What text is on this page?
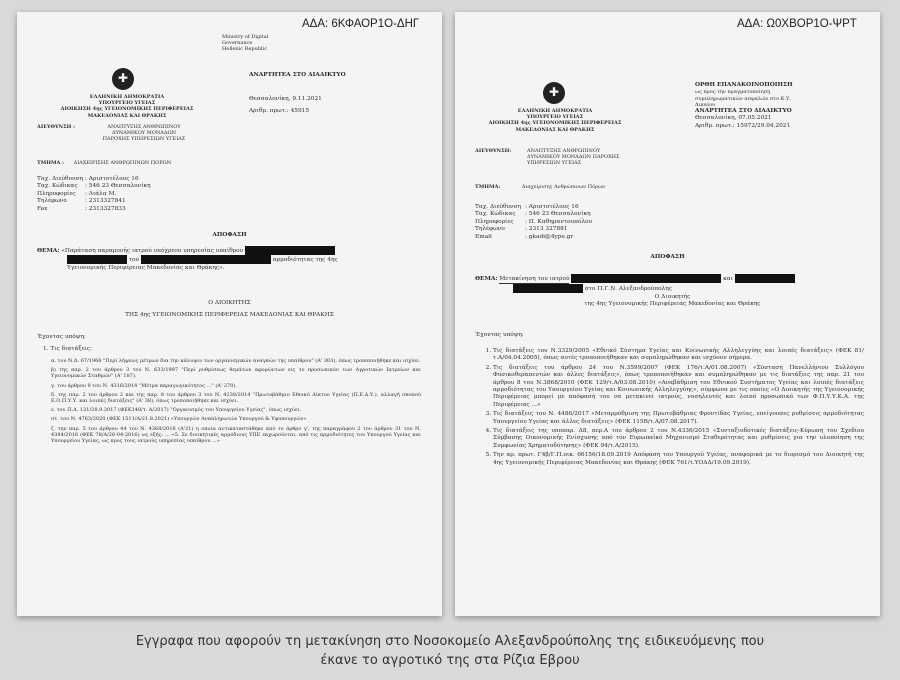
ΑΔΑ: 6ΚΦΑΟΡ1Ο-ΔΗΓ
Ministry of Digital
Governance
Hellenic Republic
ΑΝΑΡΤΗΤΕΑ ΣΤΟ ΔΙΑΔΙΚΤΥΟ
Θεσσαλονίκη, 9.11.2021
Αριθμ. πρωτ.: 45915
✚
ΕΛΛΗΝΙΚΗ ΔΗΜΟΚΡΑΤΙΑ
ΥΠΟΥΡΓΕΙΟ ΥΓΕΙΑΣ
ΔΙΟΙΚΗΣΗ 4ης ΥΓΕΙΟΝΟΜΙΚΗΣ ΠΕΡΙΦΕΡΕΙΑΣ
ΜΑΚΕΔΟΝΙΑΣ ΚΑΙ ΘΡΑΚΗΣ
ΔΙΕΥΘΥΝΣΗ :	ΑΝΑΠΤΥΞΗΣ ΑΝΘΡΩΠΙΝΟΥ
ΔΥΝΑΜΙΚΟΥ ΜΟΝΑΔΩΝ
ΠΑΡΟΧΗΣ ΥΠΗΡΕΣΙΩΝ ΥΓΕΙΑΣ
ΤΜΗΜΑ : ΔΙΑΧΕΙΡΙΣΗΣ ΑΝΘΡΩΠΙΝΩΝ ΠΟΡΩΝ
Ταχ. Διεύθυνση : Αριστοτέλους 16
Ταχ. Κώδικας : 546 23 Θεσσαλονίκη
Πληροφορίες : Λιάλα Μ.
Τηλέφωνο	: 2313327841
Fax	: 2313327833
ΑΠΟΦΑΣΗ
ΘΕΜΑ: «Παράταση παραμονής ιατρού υπόχρεου υπηρεσίας υπαίθρου
του	αρμοδιότητας της 4ης
Υγειονομικής Περιφέρειας Μακεδονίας και Θράκης».
Ο ΔΙΟΙΚΗΤΗΣ
ΤΗΣ 4ης ΥΓΕΙΟΝΟΜΙΚΗΣ ΠΕΡΙΦΕΡΕΙΑΣ ΜΑΚΕΔΟΝΙΑΣ ΚΑΙ ΘΡΑΚΗΣ
Έχοντας υπόψη:
1. Τις διατάξεις:

α. του Ν.Δ. 67/1968 "Περί λήψεως μέτρων δια την κάλυψιν των οργανισμικών αναγκών της υπαίθρου" (Α' 303), όπως τροποποιήθηκε και ισχύει.

β) της παρ. 2 του άρθρου 3 του Ν. 633/1997 "Περί ρυθμίσεως θεμάτων αφορώντων εις το προσωπικόν των Αγροτικών Ιατρείων και Υγειονομικών Σταθμών" (Α' 187).

γ. του άρθρου 9 του Ν. 4316/2014 "Μέτρα παραγωγικότητος ..." (Α' 270).

δ. της παρ. 2 του άρθρου 2 και της παρ. 8 του άρθρου 3 του Ν. 4238/2014 "Πρωτοβάθμιο Εθνικό Δίκτυο Υγείας (Π.Ε.Δ.Υ.), αλλαγή σκοπού Ε.Ο.Π.Υ.Υ. και λοιπές διατάξεις" (Α' 38), όπως τροποποιήθηκε και ισχύει.

ε. του Π.Δ. 121/28.9.2017 (ΦΕΚ148/τ. Α/2017) "Οργανισμός του Υπουργείου Υγείας", όπως ισχύει.

στ. του Ν. 4763/2020 (ΦΕΚ 1511/Α/21.8.2021) «Υπουργών Αναπληρωτών Υπουργού & Υφυπουργών»

ζ. την παρ. 5 του άρθρου 44 του Ν. 4368/2016 (Α'21) η οποία αντικαταστάθηκε από το άρθρο γ', της παραγράφου 2 του άρθρου 31 του Ν. 4384/2016 (ΦΕΚ 78/Α/26-04-2016) ως εξής: ... «5. Σε διοικητικές αρμόδιους ΥΠΕ εκχωρούνται, από τις αρμοδιότητες του Υπουργού Υγείας και Υπουργείου Υγείας, ως προς τους ιατρούς υπηρεσίας υπαίθρου ...»

ΑΔΑ: Ω0ΧΒΟΡ1Ο-ΨΡΤ
ΟΡΘΗ ΕΠΑΝΑΚΟΙΝΟΠΟΙΗΣΗ
ως προς την πραγματοποίηση
συμπληρωματικών ασφαλών στο Κ.Υ.
Δικαίου
ΑΝΑΡΤΗΤΕΑ ΣΤΟ ΔΙΑΔΙΚΤΥΟ
Θεσσαλονίκη, 07.05.2021
Αριθμ. πρωτ.: 15972/29.04.2021
✚
ΕΛΛΗΝΙΚΗ ΔΗΜΟΚΡΑΤΙΑ
ΥΠΟΥΡΓΕΙΟ ΥΓΕΙΑΣ
ΔΙΟΙΚΗΣΗ 4ης ΥΓΕΙΟΝΟΜΙΚΗΣ ΠΕΡΙΦΕΡΕΙΑΣ
ΜΑΚΕΔΟΝΙΑΣ ΚΑΙ ΘΡΑΚΗΣ
ΔΙΕΥΘΥΝΣΗ:	ΑΝΑΠΤΥΞΗΣ ΑΝΘΡΩΠΙΝΟΥ
ΔΥΝΑΜΙΚΟΥ ΜΟΝΑΔΩΝ ΠΑΡΟΧΗΣ
ΥΠΗΡΕΣΙΩΝ ΥΓΕΙΑΣ
ΤΜΗΜΑ:	Διαχείρισης Ανθρώπινων Πόρων
Ταχ. Διεύθυνση : Αριστοτέλους 16
Ταχ. Κώδικας : 546 23 Θεσσαλονίκη
Πληροφορίες : Π. Καθημαντουπόλου
Τηλέφωνο	: 2313 327881
Email	: gkadi@4ype.gr
ΑΠΟΦΑΣΗ
ΘΕΜΑ: Μετακίνηση του ιατρού	και
στο Π.Γ.Ν. Αλεξανδρούπολης
Ο Διοικητής
της 4ης Υγειονομικής Περιφέρειας Μακεδονίας και Θράκης
Έχοντας υπόψη:
1. Τις διατάξεις του Ν.3329/2005 «Εθνικό Σύστημα Υγείας και Κοινωνικής Αλληλεγγύης και λοιπές διατάξεις» (ΦΕΚ 81/τ.Α/04.04.2005), όπως αυτές τροποποιήθηκαν και συμπληρώθηκαν και ισχύουν σήμερα.
2. Τις διατάξεις του άρθρου 24 του Ν.3599/2007 (ΦΕΚ 176/τ.Α/01.08.2007) «Σύσταση Πανελλήνιου Συλλόγου Φυσικοθεραπευτών και άλλες διατάξεις», όπως τροποποιήθηκαν και συμπληρώθηκαν με τις διατάξεις της παρ. 21 του άρθρου 8 του Ν.3868/2010 (ΦΕΚ 129/τ.Α/03.08.2010) «Αναβάθμιση του Εθνικού Συστήματος Υγείας και λοιπές διατάξεις αρμοδιότητας του Υπουργείου Υγείας και Κοινωνικής Αλληλεγγύης», σύμφωνα με τις οποίες «Ο Διοικητής της Υγειονομικής Περιφέρειας μπορεί με απόφασή του να μετακινεί ιατρούς, νοσηλευτές και λοιπό προσωπικό των Φ.Π.Υ.Υ.Κ.Α. της Περιφέρειας ...»
3. Τις διατάξεις του Ν. 4486/2017 «Μεταρρύθμιση της Πρωτοβάθμιας Φροντίδας Υγείας, επείγουσες ρυθμίσεις αρμοδιότητας Υπουργείου Υγείας και άλλες διατάξεις» (ΦΕΚ 115Β/τ.Α/07.08.2017).
4. Τις διατάξεις της υποπαρ. Δ8, περ.Α του άρθρου 2 του Ν.4336/2015 «Συνταξιοδοτικές διατάξεις-Κύρωση του Σχεδίου Σύμβασης Οικονομικής Ενίσχυσης από τον Ευρωπαϊκό Μηχανισμό Σταθερότητας και ρυθμίσεις για την υλοποίηση της Συμφωνίας Χρηματοδότησης» (ΦΕΚ 94/τ.Α/2015).
5. Την αρ. πρωτ. Γ4β/Γ.Π.οικ. 66156/18.09.2019 Απόφαση του Υπουργού Υγείας, αναφορικά με το διορισμό του Διοικητή της 4ης Υγειονομικής Περιφέρειας Μακεδονίας και Θράκης (ΦΕΚ 761/τ.ΥΟΔΔ/19.09.2019).
Εγγραφα που αφορούν τη μετακίνηση στο Νοσοκομείο Αλεξανδρούπολης της ειδικευόμενης που
έκανε το αγροτικό της στα Ρίζια Εβρου
